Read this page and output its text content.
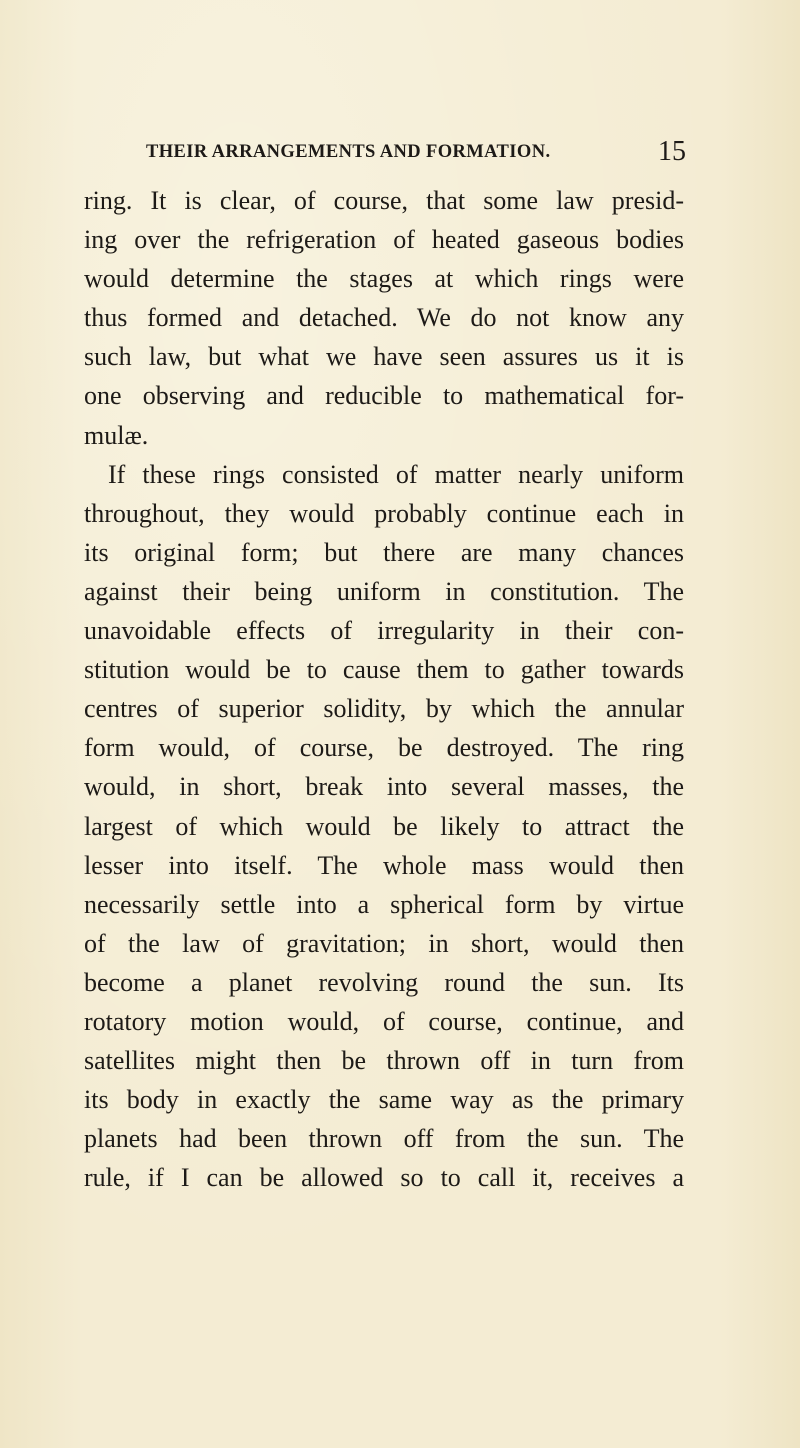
THEIR ARRANGEMENTS AND FORMATION.	15
ring. It is clear, of course, that some law presid-
ing over the refrigeration of heated gaseous bodies
would determine the stages at which rings were
thus formed and detached. We do not know any
such law, but what we have seen assures us it is
one observing and reducible to mathematical for-
mulæ.
If these rings consisted of matter nearly uniform
throughout, they would probably continue each in
its original form; but there are many chances
against their being uniform in constitution. The
unavoidable effects of irregularity in their con-
stitution would be to cause them to gather towards
centres of superior solidity, by which the annular
form would, of course, be destroyed. The ring
would, in short, break into several masses, the
largest of which would be likely to attract the
lesser into itself. The whole mass would then
necessarily settle into a spherical form by virtue
of the law of gravitation; in short, would then
become a planet revolving round the sun. Its
rotatory motion would, of course, continue, and
satellites might then be thrown off in turn from
its body in exactly the same way as the primary
planets had been thrown off from the sun. The
rule, if I can be allowed so to call it, receives a
